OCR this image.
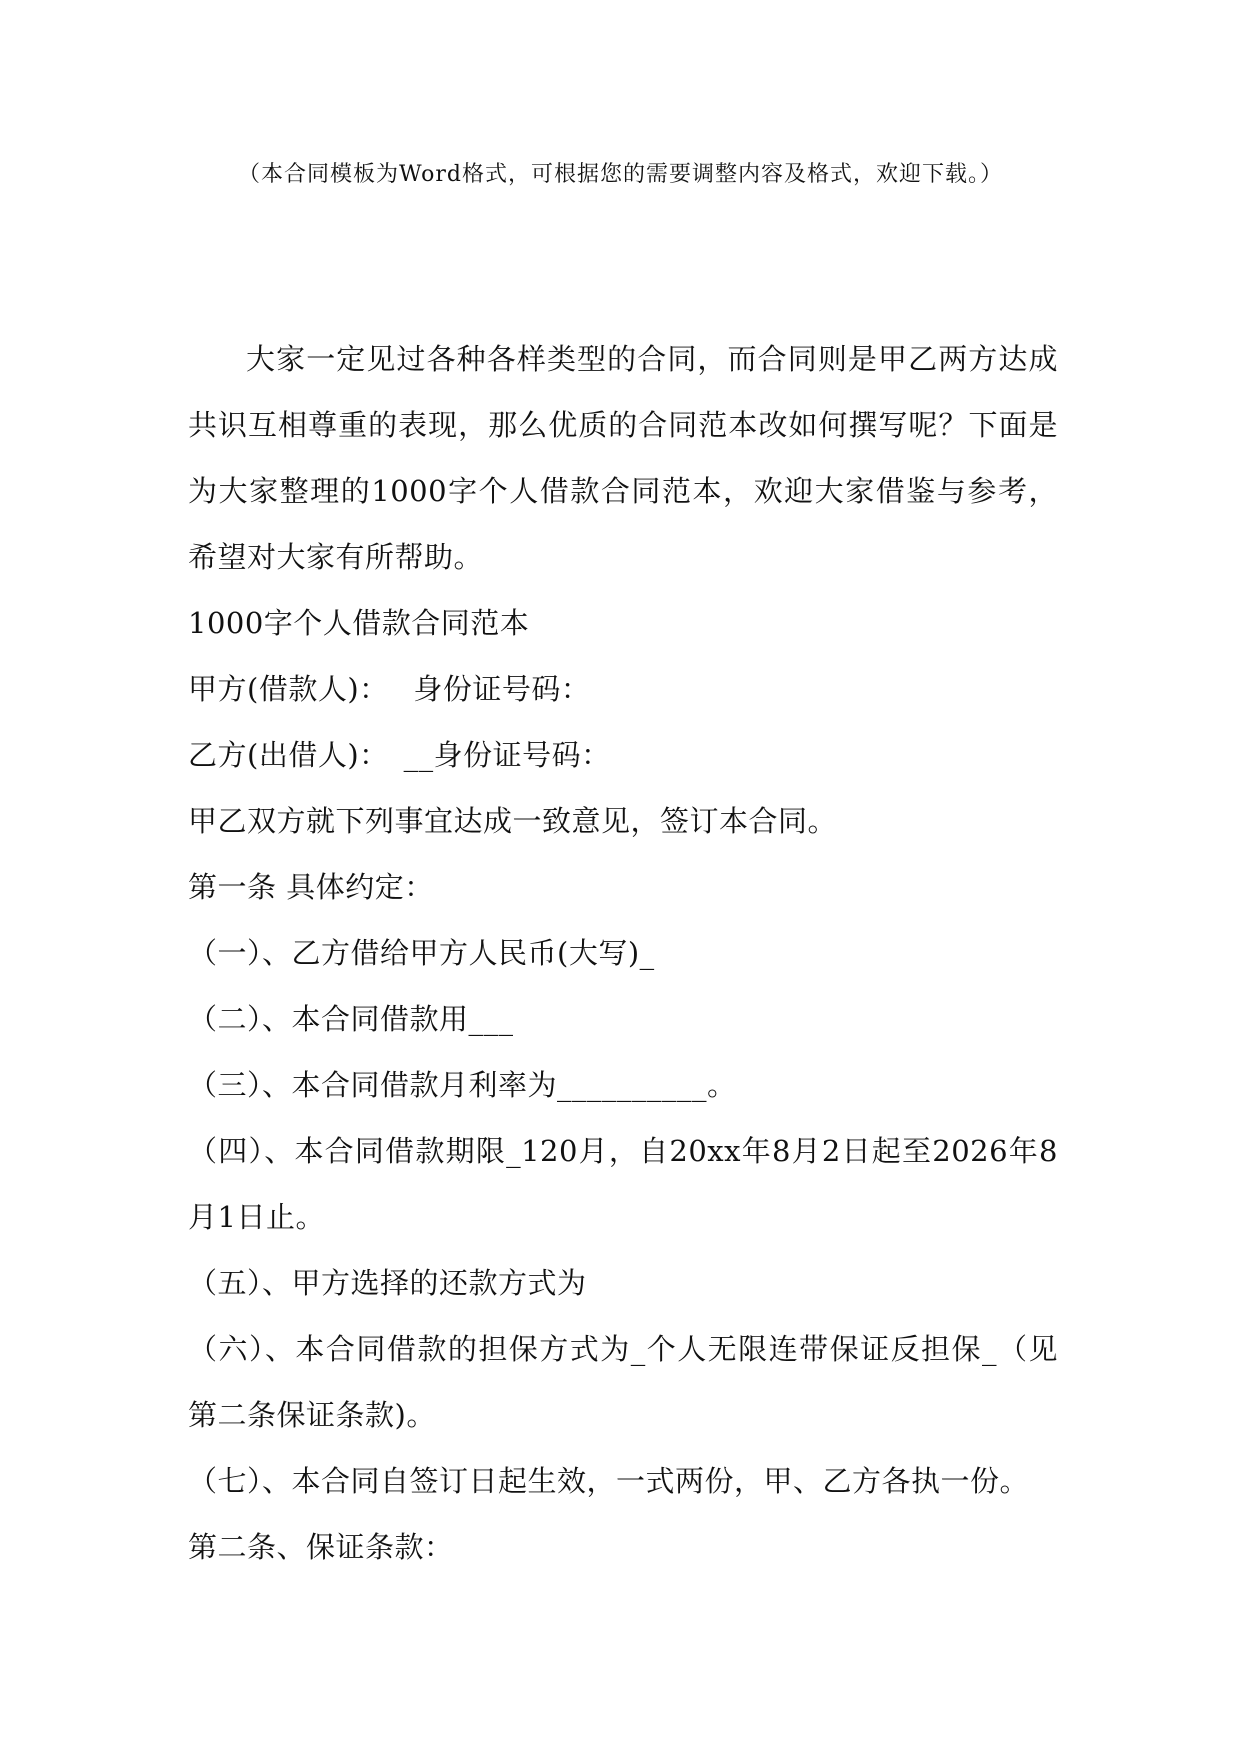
（本合同模板为Word格式，可根据您的需要调整内容及格式，欢迎下载。）

大家一定见过各种各样类型的合同，而合同则是甲乙两方达成共识互相尊重的表现，那么优质的合同范本改如何撰写呢？下面是为大家整理的1000字个人借款合同范本，欢迎大家借鉴与参考，希望对大家有所帮助。

1000字个人借款合同范本

甲方(借款人)：　 身份证号码：

乙方(出借人)：　__身份证号码：

甲乙双方就下列事宜达成一致意见，签订本合同。

第一条 具体约定：

（一）、乙方借给甲方人民币(大写)_

（二）、本合同借款用___

（三）、本合同借款月利率为__________。

（四）、本合同借款期限_120月，自20xx年8月2日起至2026年8月1日止。

（五）、甲方选择的还款方式为

（六）、本合同借款的担保方式为_个人无限连带保证反担保_（见第二条保证条款)。

（七）、本合同自签订日起生效，一式两份，甲、乙方各执一份。

第二条、保证条款：
